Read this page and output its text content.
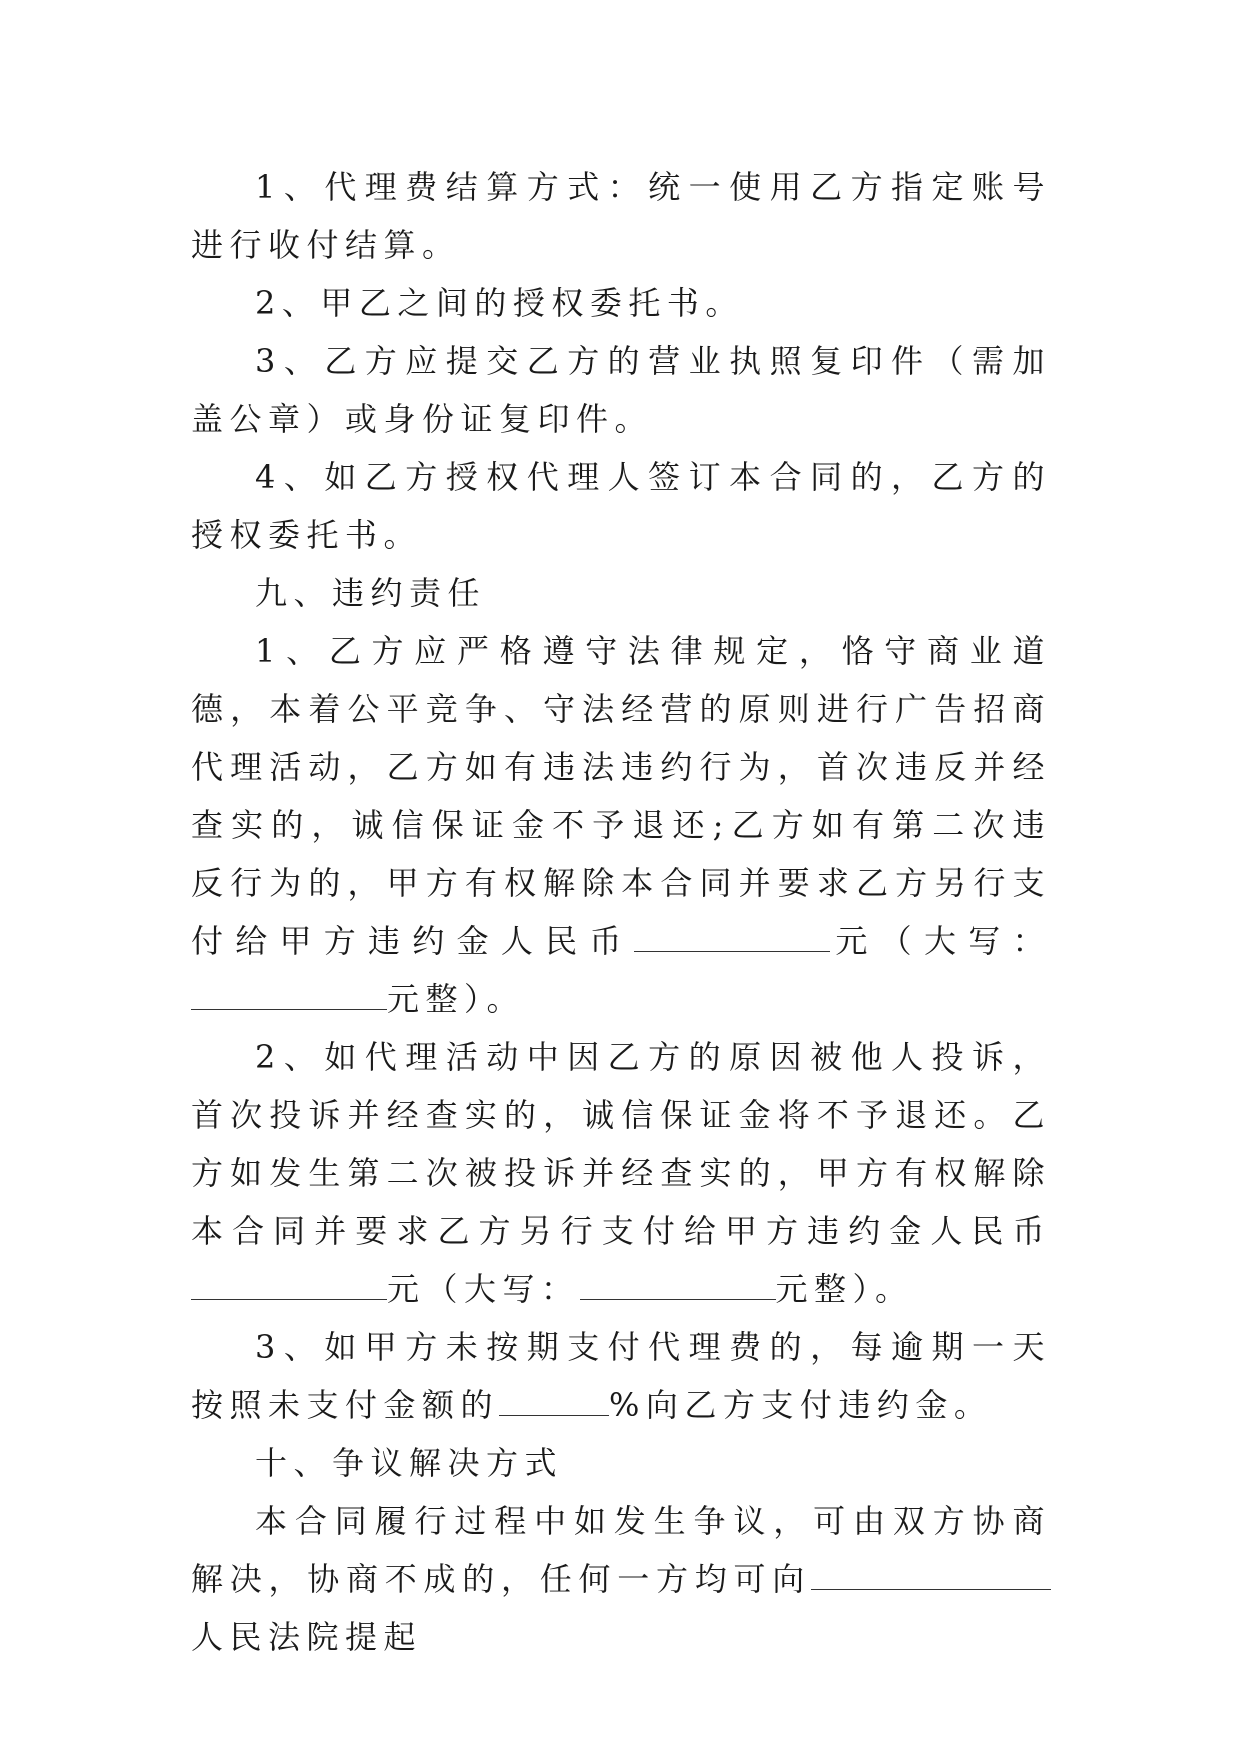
1、代理费结算方式：统一使用乙方指定账号进行收付结算。

2、甲乙之间的授权委托书。

3、乙方应提交乙方的营业执照复印件（需加盖公章）或身份证复印件。

4、如乙方授权代理人签订本合同的，乙方的授权委托书。

九、违约责任

1、乙方应严格遵守法律规定，恪守商业道德，本着公平竞争、守法经营的原则进行广告招商代理活动，乙方如有违法违约行为，首次违反并经查实的，诚信保证金不予退还;乙方如有第二次违反行为的，甲方有权解除本合同并要求乙方另行支付给甲方违约金人民币	元（大写：元整）。

2、如代理活动中因乙方的原因被他人投诉，首次投诉并经查实的，诚信保证金将不予退还。乙方如发生第二次被投诉并经查实的，甲方有权解除本合同并要求乙方另行支付给甲方违约金人民币元（大写：	元整）。

3、如甲方未按期支付代理费的，每逾期一天按照未支付金额的	%向乙方支付违约金。

十、争议解决方式

本合同履行过程中如发生争议，可由双方协商解决，协商不成的，任何一方均可向人民法院提起
